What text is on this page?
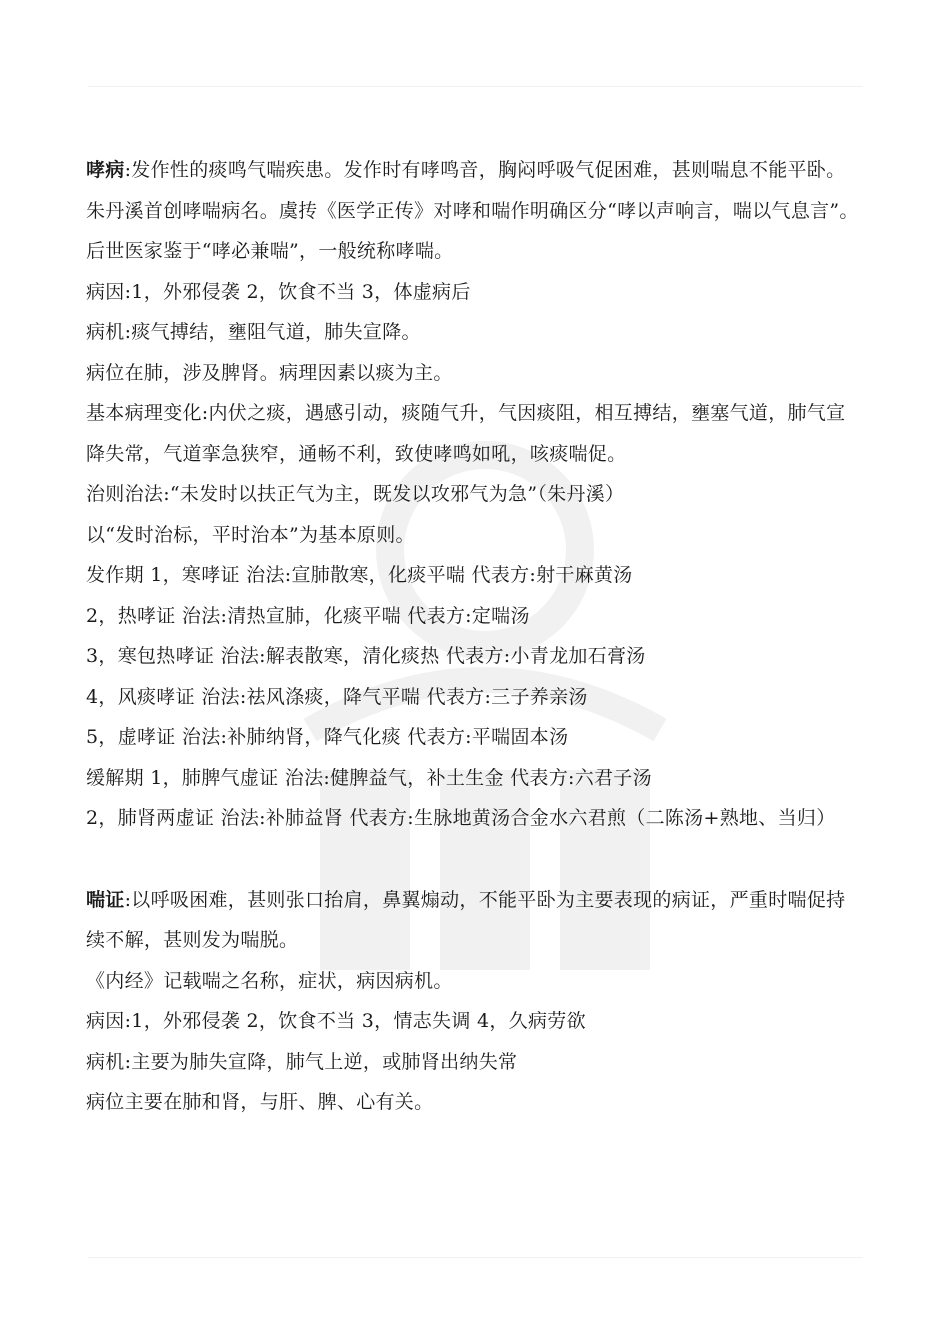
哮病:发作性的痰鸣气喘疾患。发作时有哮鸣音，胸闷呼吸气促困难，甚则喘息不能平卧。
朱丹溪首创哮喘病名。虞抟《医学正传》对哮和喘作明确区分“哮以声响言，喘以气息言”。后世医家鉴于“哮必兼喘”，一般统称哮喘。
病因:1，外邪侵袭 2，饮食不当 3，体虚病后
病机:痰气搏结，壅阻气道，肺失宣降。
病位在肺，涉及脾肾。病理因素以痰为主。
基本病理变化:内伏之痰，遇感引动，痰随气升，气因痰阻，相互搏结，壅塞气道，肺气宣降失常，气道挛急狭窄，通畅不利，致使哮鸣如吼，咳痰喘促。
治则治法:“未发时以扶正气为主，既发以攻邪气为急”（朱丹溪）
以“发时治标，平时治本”为基本原则。
发作期 1，寒哮证 治法:宣肺散寒，化痰平喘 代表方:射干麻黄汤
2，热哮证 治法:清热宣肺，化痰平喘 代表方:定喘汤
3，寒包热哮证 治法:解表散寒，清化痰热 代表方:小青龙加石膏汤
4，风痰哮证 治法:祛风涤痰，降气平喘 代表方:三子养亲汤
5，虚哮证 治法:补肺纳肾，降气化痰 代表方:平喘固本汤
缓解期 1，肺脾气虚证 治法:健脾益气，补土生金 代表方:六君子汤
2，肺肾两虚证 治法:补肺益肾 代表方:生脉地黄汤合金水六君煎（二陈汤+熟地、当归）
喘证:以呼吸困难，甚则张口抬肩，鼻翼煽动，不能平卧为主要表现的病证，严重时喘促持续不解，甚则发为喘脱。
《内经》记载喘之名称，症状，病因病机。
病因:1，外邪侵袭 2，饮食不当 3，情志失调 4，久病劳欲
病机:主要为肺失宣降，肺气上逆，或肺肾出纳失常
病位主要在肺和肾，与肝、脾、心有关。
